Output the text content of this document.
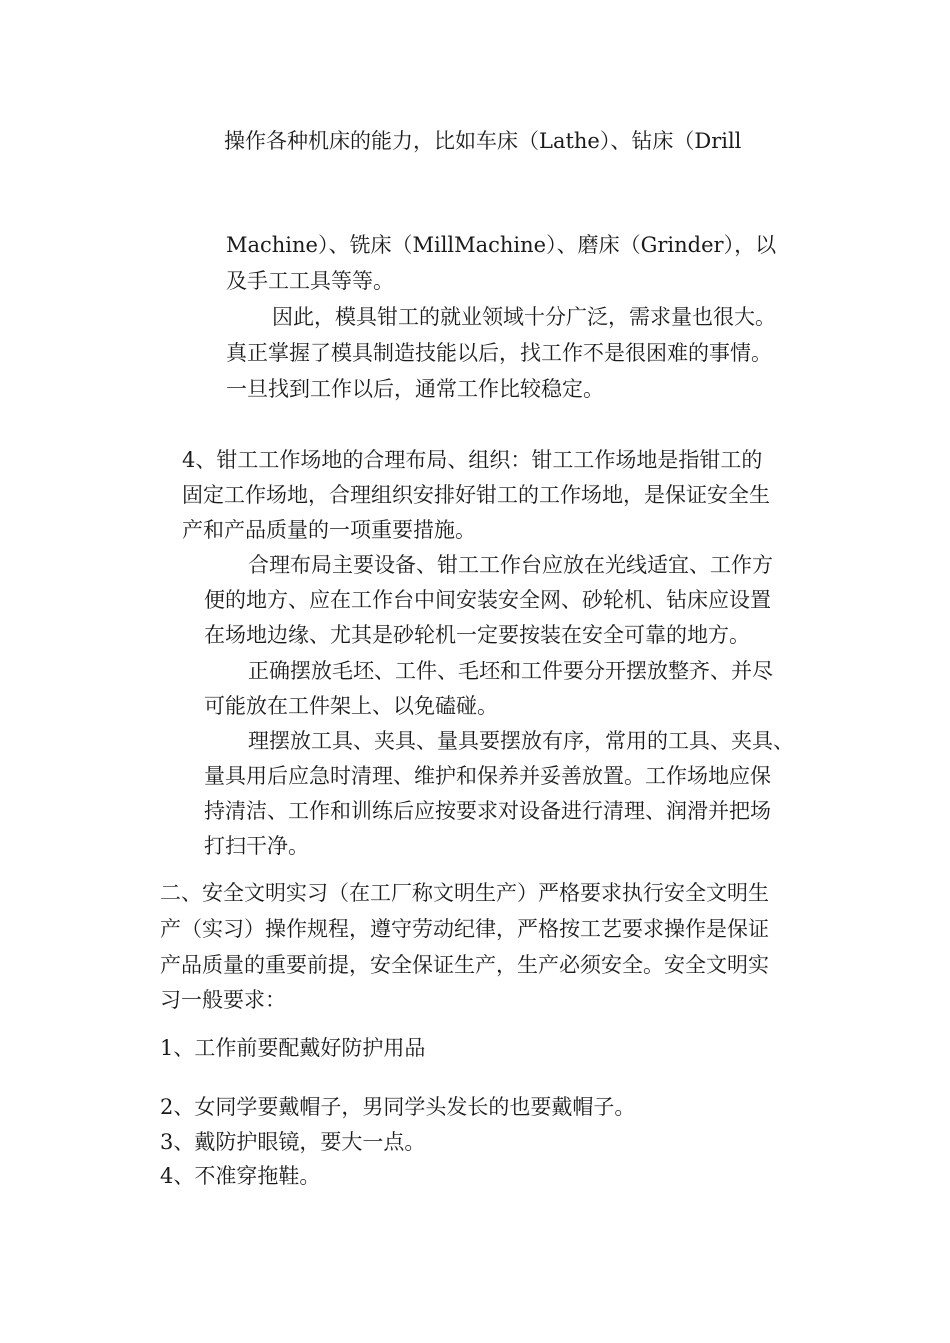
操作各种机床的能力，比如车床（Lathe）、钻床（Drill
Machine）、铣床（MillMachine）、磨床（Grinder），以
及手工工具等等。
因此，模具钳工的就业领域十分广泛，需求量也很大。
真正掌握了模具制造技能以后，找工作不是很困难的事情。
一旦找到工作以后，通常工作比较稳定。
4、钳工工作场地的合理布局、组织：钳工工作场地是指钳工的
固定工作场地，合理组织安排好钳工的工作场地，是保证安全生
产和产品质量的一项重要措施。
合理布局主要设备、钳工工作台应放在光线适宜、工作方
便的地方、应在工作台中间安装安全网、砂轮机、钻床应设置
在场地边缘、尤其是砂轮机一定要按装在安全可靠的地方。
正确摆放毛坯、工件、毛坯和工件要分开摆放整齐、并尽
可能放在工件架上、以免磕碰。
理摆放工具、夹具、量具要摆放有序，常用的工具、夹具、
量具用后应急时清理、维护和保养并妥善放置。工作场地应保
持清洁、工作和训练后应按要求对设备进行清理、润滑并把场
打扫干净。
二、安全文明实习（在工厂称文明生产）严格要求执行安全文明生
产（实习）操作规程，遵守劳动纪律，严格按工艺要求操作是保证
产品质量的重要前提，安全保证生产，生产必须安全。安全文明实
习一般要求：
1、工作前要配戴好防护用品
2、女同学要戴帽子，男同学头发长的也要戴帽子。
3、戴防护眼镜，要大一点。
4、不准穿拖鞋。
